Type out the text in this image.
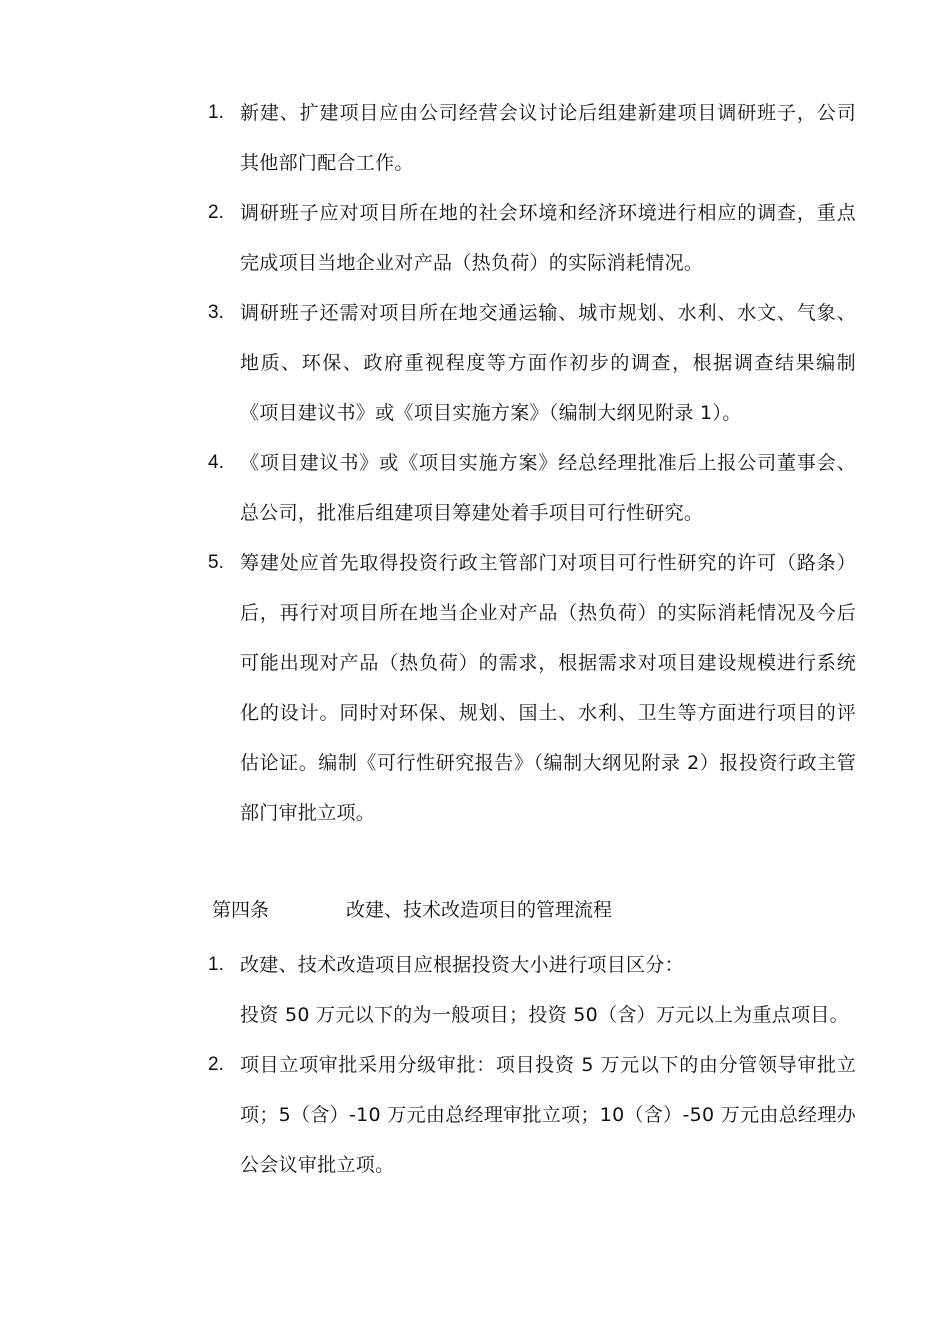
1. 新建、扩建项目应由公司经营会议讨论后组建新建项目调研班子，公司其他部门配合工作。
2. 调研班子应对项目所在地的社会环境和经济环境进行相应的调查，重点完成项目当地企业对产品（热负荷）的实际消耗情况。
3. 调研班子还需对项目所在地交通运输、城市规划、水利、水文、气象、地质、环保、政府重视程度等方面作初步的调查，根据调查结果编制《项目建议书》或《项目实施方案》（编制大纲见附录 1）。
4. 《项目建议书》或《项目实施方案》经总经理批准后上报公司董事会、总公司，批准后组建项目筹建处着手项目可行性研究。
5. 筹建处应首先取得投资行政主管部门对项目可行性研究的许可（路条）后，再行对项目所在地当企业对产品（热负荷）的实际消耗情况及今后可能出现对产品（热负荷）的需求，根据需求对项目建设规模进行系统化的设计。同时对环保、规划、国土、水利、卫生等方面进行项目的评估论证。编制《可行性研究报告》（编制大纲见附录 2）报投资行政主管部门审批立项。
第四条	改建、技术改造项目的管理流程
1. 改建、技术改造项目应根据投资大小进行项目区分：
投资 50 万元以下的为一般项目；投资 50（含）万元以上为重点项目。
2. 项目立项审批采用分级审批：项目投资 5 万元以下的由分管领导审批立项；5（含）-10 万元由总经理审批立项；10（含）-50 万元由总经理办公会议审批立项。
